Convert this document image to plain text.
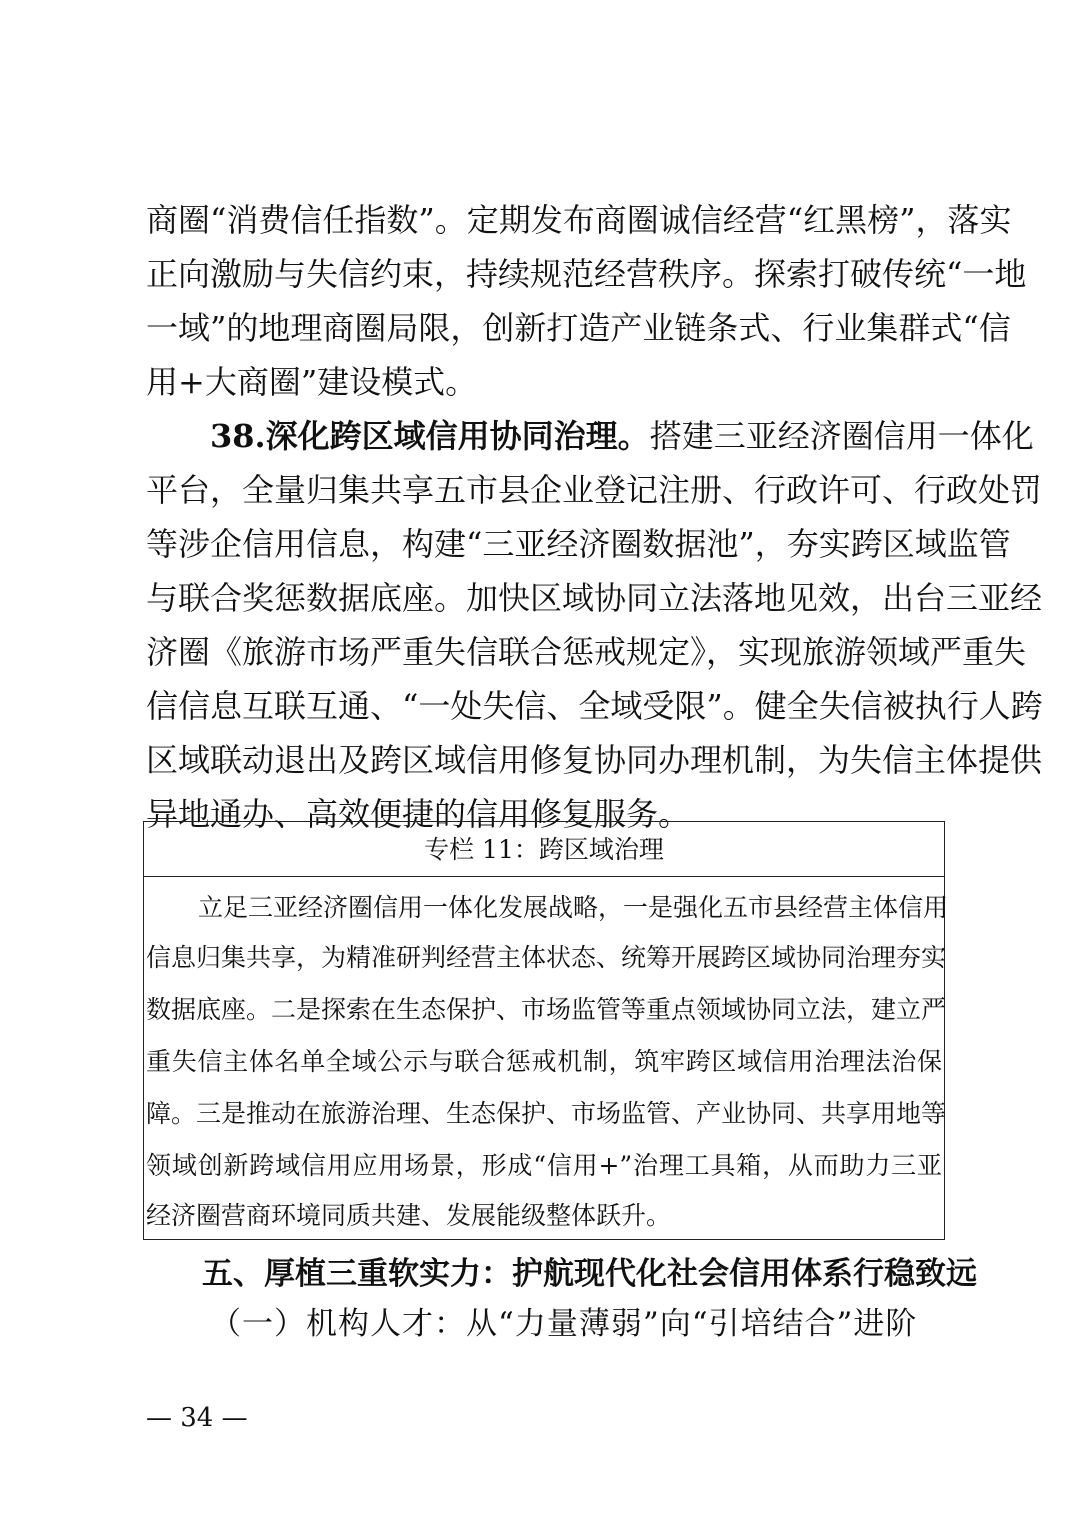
商圈“消费信任指数”。定期发布商圈诚信经营“红黑榜”，落实
正向激励与失信约束，持续规范经营秩序。探索打破传统“一地
一域”的地理商圈局限，创新打造产业链条式、行业集群式“信
用+大商圈”建设模式。
38.深化跨区域信用协同治理。搭建三亚经济圈信用一体化
平台，全量归集共享五市县企业登记注册、行政许可、行政处罚
等涉企信用信息，构建“三亚经济圈数据池”，夯实跨区域监管
与联合奖惩数据底座。加快区域协同立法落地见效，出台三亚经
济圈《旅游市场严重失信联合惩戒规定》，实现旅游领域严重失
信信息互联互通、“一处失信、全域受限”。健全失信被执行人跨
区域联动退出及跨区域信用修复协同办理机制，为失信主体提供
异地通办、高效便捷的信用修复服务。
专栏 11：跨区域治理
立足三亚经济圈信用一体化发展战略，一是强化五市县经营主体信用
信息归集共享，为精准研判经营主体状态、统筹开展跨区域协同治理夯实
数据底座。二是探索在生态保护、市场监管等重点领域协同立法，建立严
重失信主体名单全域公示与联合惩戒机制，筑牢跨区域信用治理法治保
障。三是推动在旅游治理、生态保护、市场监管、产业协同、共享用地等
领域创新跨域信用应用场景，形成“信用+”治理工具箱，从而助力三亚
经济圈营商环境同质共建、发展能级整体跃升。
五、厚植三重软实力：护航现代化社会信用体系行稳致远
（一）机构人才：从“力量薄弱”向“引培结合”进阶
— 34 —
